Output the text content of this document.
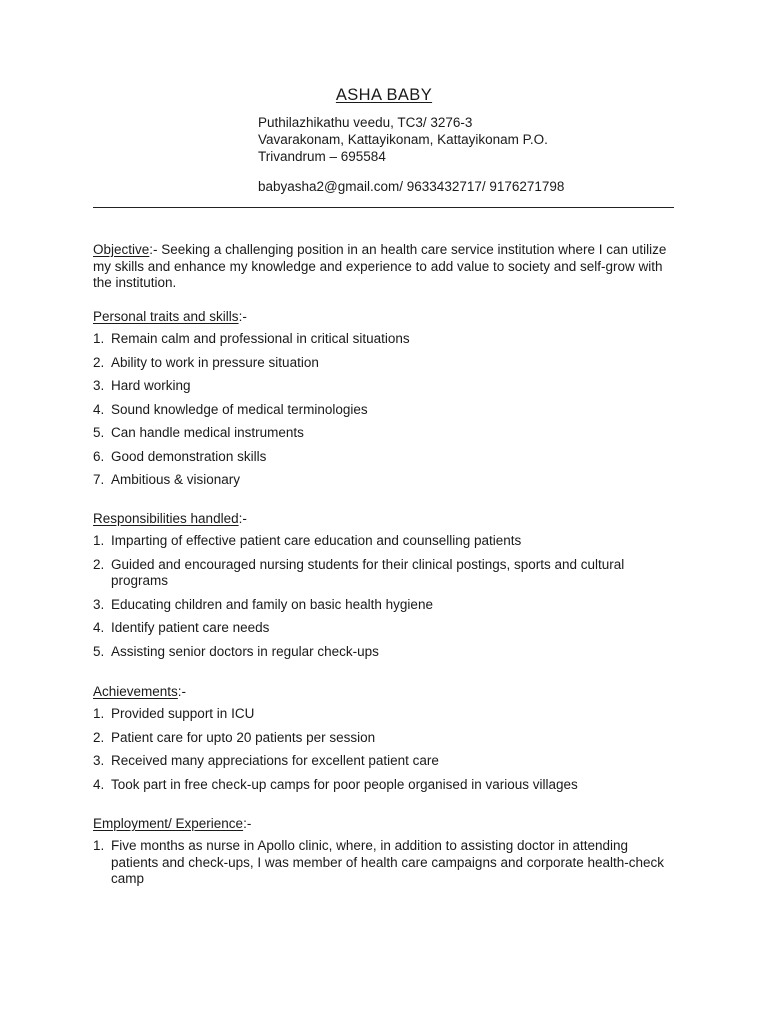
ASHA BABY
Puthilazhikathu veedu, TC3/ 3276-3
Vavarakonam, Kattayikonam, Kattayikonam P.O.
Trivandrum – 695584
babyasha2@gmail.com/ 9633432717/ 9176271798
Objective:- Seeking a challenging position in an health care service institution where I can utilize my skills and enhance my knowledge and experience to add value to society and self-grow with the institution.

Personal traits and skills:-

1. Remain calm and professional in critical situations
2. Ability to work in pressure situation
3. Hard working
4. Sound knowledge of medical terminologies
5. Can handle medical instruments
6. Good demonstration skills
7. Ambitious & visionary

Responsibilities handled:-

1. Imparting of effective patient care education and counselling patients
2. Guided and encouraged nursing students for their clinical postings, sports and cultural programs
3. Educating children and family on basic health hygiene
4. Identify patient care needs
5. Assisting senior doctors in regular check-ups

Achievements:-

1. Provided support in ICU
2. Patient care for upto 20 patients per session
3. Received many appreciations for excellent patient care
4. Took part in free check-up camps for poor people organised in various villages

Employment/ Experience:-

1. Five months as nurse in Apollo clinic, where, in addition to assisting doctor in attending patients and check-ups, I was member of health care campaigns and corporate health-check camp
